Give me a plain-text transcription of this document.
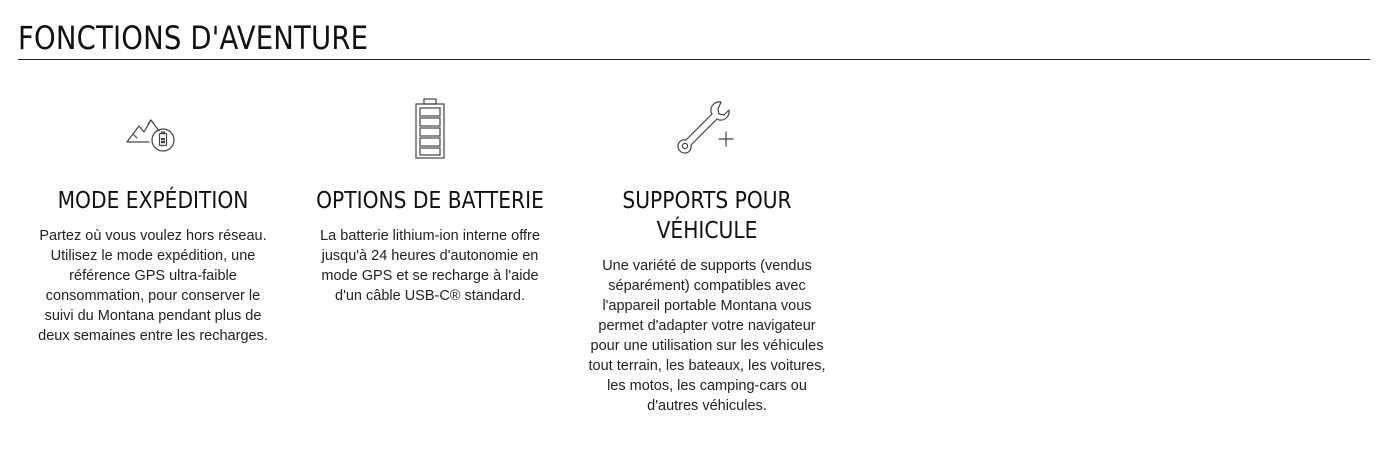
FONCTIONS D'AVENTURE
MODE EXPÉDITION

Partez où vous voulez hors réseau.
Utilisez le mode expédition, une
référence GPS ultra-faible
consommation, pour conserver le
suivi du Montana pendant plus de
deux semaines entre les recharges.

OPTIONS DE BATTERIE

La batterie lithium-ion interne offre
jusqu'à 24 heures d'autonomie en
mode GPS et se recharge à l'aide
d'un câble USB-C® standard.

SUPPORTS POUR
VÉHICULE

Une variété de supports (vendus
séparément) compatibles avec
l'appareil portable Montana vous
permet d'adapter votre navigateur
pour une utilisation sur les véhicules
tout terrain, les bateaux, les voitures,
les motos, les camping-cars ou
d'autres véhicules.
